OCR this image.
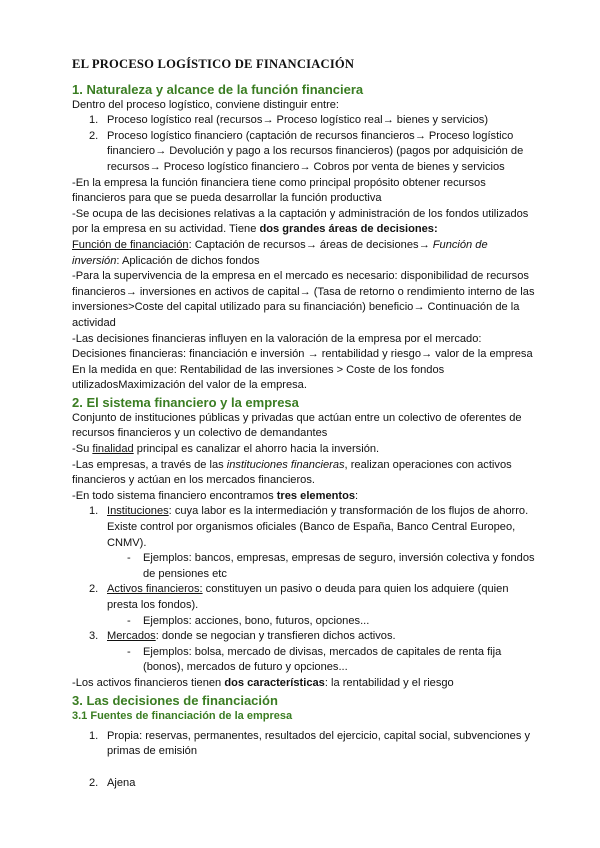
EL PROCESO LOGÍSTICO DE FINANCIACIÓN
1. Naturaleza y alcance de la función financiera

Dentro del proceso logístico, conviene distinguir entre:

1. Proceso logístico real (recursos→ Proceso logístico real→ bienes y servicios)
2. Proceso logístico financiero (captación de recursos financieros→ Proceso logístico financiero→ Devolución y pago a los recursos financieros) (pagos por adquisición de recursos→ Proceso logístico financiero→ Cobros por venta de bienes y servicios

-En la empresa la función financiera tiene como principal propósito obtener recursos financieros para que se pueda desarrollar la función productiva

-Se ocupa de las decisiones relativas a la captación y administración de los fondos utilizados por la empresa en su actividad. Tiene dos grandes áreas de decisiones:

Función de financiación: Captación de recursos→ áreas de decisiones→ Función de inversión: Aplicación de dichos fondos

-Para la supervivencia de la empresa en el mercado es necesario: disponibilidad de recursos financieros→ inversiones en activos de capital→ (Tasa de retorno o rendimiento interno de las inversiones>Coste del capital utilizado para su financiación) beneficio→ Continuación de la actividad

-Las decisiones financieras influyen en la valoración de la empresa por el mercado: Decisiones financieras: financiación e inversión → rentabilidad y riesgo→ valor de la empresa

En la medida en que: Rentabilidad de las inversiones > Coste de los fondos utilizadosMaximización del valor de la empresa.

2. El sistema financiero y la empresa

Conjunto de instituciones públicas y privadas que actúan entre un colectivo de oferentes de recursos financieros y un colectivo de demandantes

-Su finalidad principal es canalizar el ahorro hacia la inversión.

-Las empresas, a través de las instituciones financieras, realizan operaciones con activos financieros y actúan en los mercados financieros.

-En todo sistema financiero encontramos tres elementos:

1. Instituciones: cuya labor es la intermediación y transformación de los flujos de ahorro. Existe control por organismos oficiales (Banco de España, Banco Central Europeo, CNMV).
- Ejemplos: bancos, empresas, empresas de seguro, inversión colectiva y fondos de pensiones etc
2. Activos financieros: constituyen un pasivo o deuda para quien los adquiere (quien presta los fondos).
- Ejemplos: acciones, bono, futuros, opciones...
3. Mercados: donde se negocian y transfieren dichos activos.
- Ejemplos: bolsa, mercado de divisas, mercados de capitales de renta fija (bonos), mercados de futuro y opciones...

-Los activos financieros tienen dos características: la rentabilidad y el riesgo

3. Las decisiones de financiación
3.1 Fuentes de financiación de la empresa
1. Propia: reservas, permanentes, resultados del ejercicio, capital social, subvenciones y primas de emisión
2. Ajena
